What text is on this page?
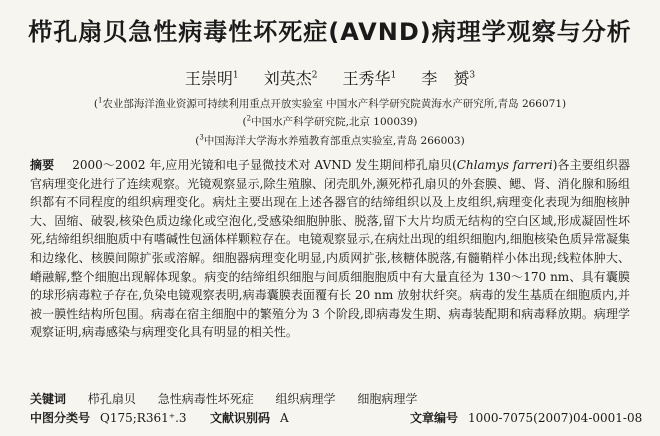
栉孔扇贝急性病毒性坏死症(AVND)病理学观察与分析
王崇明$^1$ 刘英杰$^2$ 王秀华$^1$ 李　赟$^3$
($^1$农业部海洋渔业资源可持续利用重点开放实验室 中国水产科学研究院黄海水产研究所,青岛 266071)
($^2$中国水产科学研究院,北京 100039)
($^3$中国海洋大学海水养殖教育部重点实验室,青岛 266003)
摘要 2000～2002 年,应用光镜和电子显微技术对 AVND 发生期间栉孔扇贝(Chlamys farreri)各主要组织器官病理变化进行了连续观察。光镜观察显示,除生殖腺、闭壳肌外,濒死栉孔扇贝的外套膜、鳃、肾、消化腺和肠组织都有不同程度的组织病理变化。病灶主要出现在上述各器官的结缔组织以及上皮组织,病理变化表现为细胞核肿大、固缩、破裂,核染色质边缘化或空泡化,受感染细胞肿胀、脱落,留下大片均质无结构的空白区域,形成凝固性坏死,结缔组织细胞质中有嗜碱性包涵体样颗粒存在。电镜观察显示,在病灶出现的组织细胞内,细胞核染色质异常凝集和边缘化、核膜间隙扩张或溶解。细胞器病理变化明显,内质网扩张,核糖体脱落,有髓鞘样小体出现;线粒体肿大、嵴融解,整个细胞出现解体现象。病变的结缔组织细胞与间质细胞胞质中有大量直径为 130～170 nm、具有囊膜的球形病毒粒子存在,负染电镜观察表明,病毒囊膜表面覆有长 20 nm 放射状纤突。病毒的发生基质在细胞质内,并被一膜性结构所包围。病毒在宿主细胞中的繁殖分为 3 个阶段,即病毒发生期、病毒装配期和病毒释放期。病理学观察证明,病毒感染与病理变化具有明显的相关性。
关键词 栉孔扇贝 急性病毒性坏死症 组织病理学 细胞病理学
中图分类号 Q175;R361⁺.3 文献识别码 A	文章编号 1000-7075(2007)04-0001-08
